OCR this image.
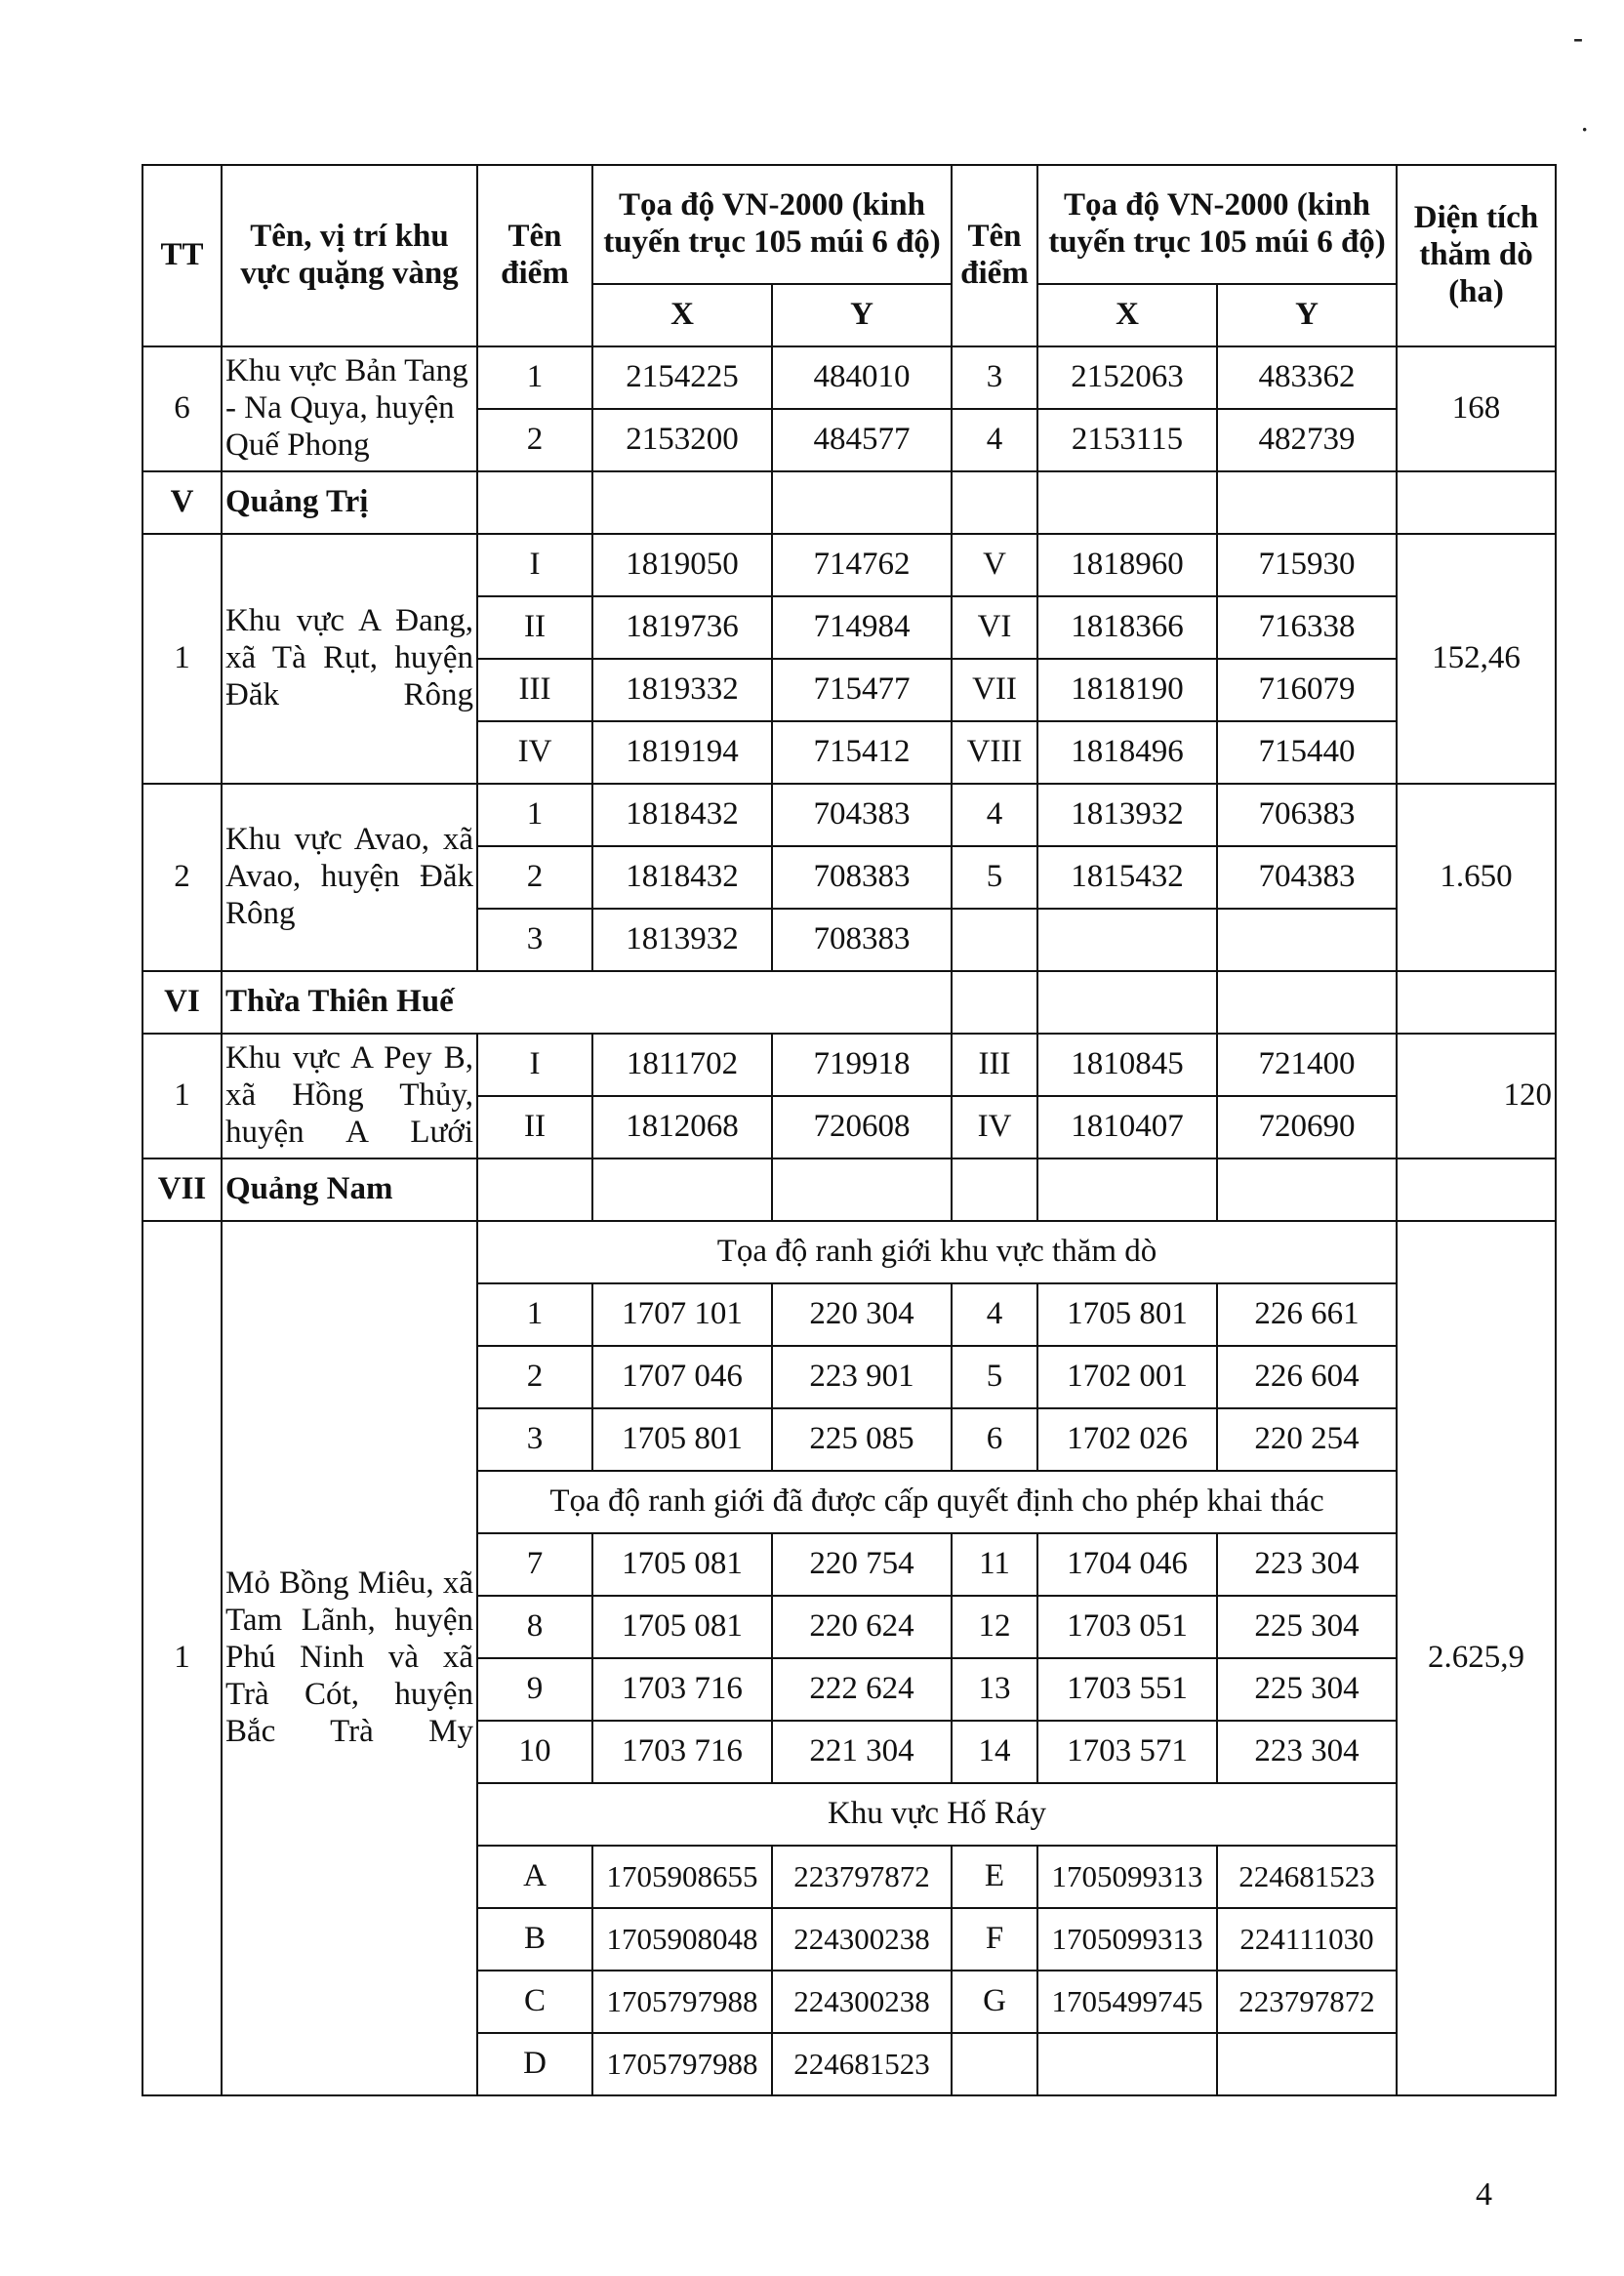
-
·
TT	Tên, vị trí khu vực quặng vàng	Tên điểm	Tọa độ VN-2000 (kinh tuyến trục 105 múi 6 độ)		Tên điểm	Tọa độ VN-2000 (kinh tuyến trục 105 múi 6 độ)		Diện tích thăm dò (ha)
			X	Y		X	Y	
6	Khu vực Bản Tang - Na Quya, huyện Quế Phong	1	2154225	484010	3	2152063	483362	168
		2	2153200	484577	4	2153115	482739	
V	Quảng Trị							
1	Khu vực A Đang, xã Tà Rụt, huyện Đăk Rông	I	1819050	714762	V	1818960	715930	152,46
		II	1819736	714984	VI	1818366	716338	
		III	1819332	715477	VII	1818190	716079	
		IV	1819194	715412	VIII	1818496	715440	
2	Khu vực Avao, xã Avao, huyện Đăk Rông	1	1818432	704383	4	1813932	706383	1.650
		2	1818432	708383	5	1815432	704383	
		3	1813932	708383				
VI	Thừa Thiên Huế							
1	Khu vực A Pey B, xã Hồng Thủy, huyện A Lưới	I	1811702	719918	III	1810845	721400	120
		II	1812068	720608	IV	1810407	720690	
VII	Quảng Nam							
1	Mỏ Bồng Miêu, xã Tam Lãnh, huyện Phú Ninh và xã Trà Cót, huyện Bắc Trà My	Tọa độ ranh giới khu vực thăm dò						2.625,9
		1	1707 101	220 304	4	1705 801	226 661	
		2	1707 046	223 901	5	1702 001	226 604	
		3	1705 801	225 085	6	1702 026	220 254	
		Tọa độ ranh giới đã được cấp quyết định cho phép khai thác						
		7	1705 081	220 754	11	1704 046	223 304	
		8	1705 081	220 624	12	1703 051	225 304	
		9	1703 716	222 624	13	1703 551	225 304	
		10	1703 716	221 304	14	1703 571	223 304	
		Khu vực Hố Ráy						
		A	1705908655	223797872	E	1705099313	224681523	
		B	1705908048	224300238	F	1705099313	224111030	
		C	1705797988	224300238	G	1705499745	223797872	
		D	1705797988	224681523				
4
